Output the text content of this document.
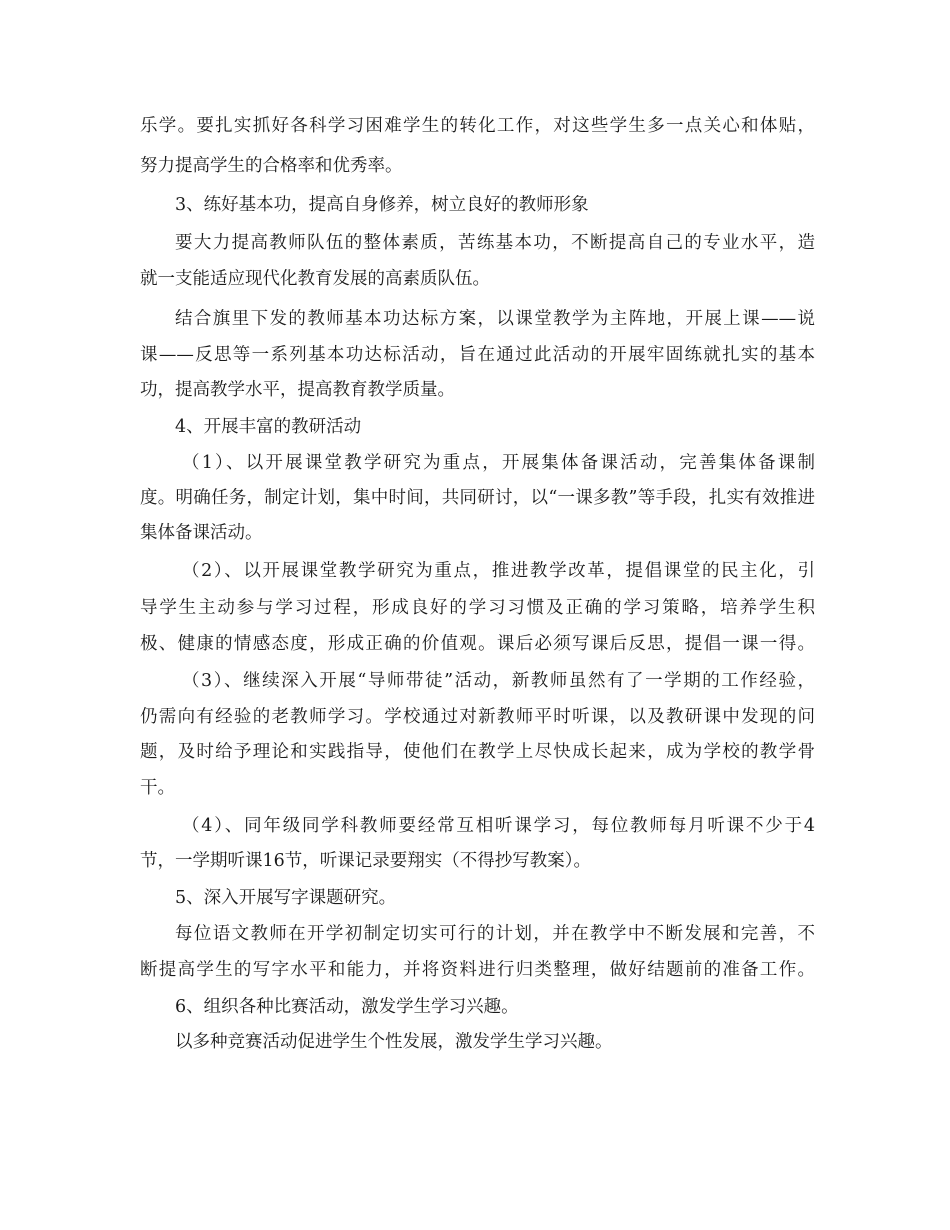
乐学。要扎实抓好各科学习困难学生的转化工作，对这些学生多一点关心和体贴，
努力提高学生的合格率和优秀率。
3、练好基本功，提高自身修养，树立良好的教师形象
要大力提高教师队伍的整体素质，苦练基本功，不断提高自己的专业水平，造
就一支能适应现代化教育发展的高素质队伍。
结合旗里下发的教师基本功达标方案，以课堂教学为主阵地，开展上课——说
课——反思等一系列基本功达标活动，旨在通过此活动的开展牢固练就扎实的基本
功，提高教学水平，提高教育教学质量。
4、开展丰富的教研活动
（1）、以开展课堂教学研究为重点，开展集体备课活动，完善集体备课制
度。明确任务，制定计划，集中时间，共同研讨，以“一课多教”等手段，扎实有效推进
集体备课活动。
（2）、以开展课堂教学研究为重点，推进教学改革，提倡课堂的民主化，引
导学生主动参与学习过程，形成良好的学习习惯及正确的学习策略，培养学生积
极、健康的情感态度，形成正确的价值观。课后必须写课后反思，提倡一课一得。
（3）、继续深入开展“导师带徒”活动，新教师虽然有了一学期的工作经验，
仍需向有经验的老教师学习。学校通过对新教师平时听课，以及教研课中发现的问
题，及时给予理论和实践指导，使他们在教学上尽快成长起来，成为学校的教学骨
干。
（4）、同年级同学科教师要经常互相听课学习，每位教师每月听课不少于4
节，一学期听课16节，听课记录要翔实（不得抄写教案）。
5、深入开展写字课题研究。
每位语文教师在开学初制定切实可行的计划，并在教学中不断发展和完善，不
断提高学生的写字水平和能力，并将资料进行归类整理，做好结题前的准备工作。
6、组织各种比赛活动，激发学生学习兴趣。
以多种竞赛活动促进学生个性发展，激发学生学习兴趣。
